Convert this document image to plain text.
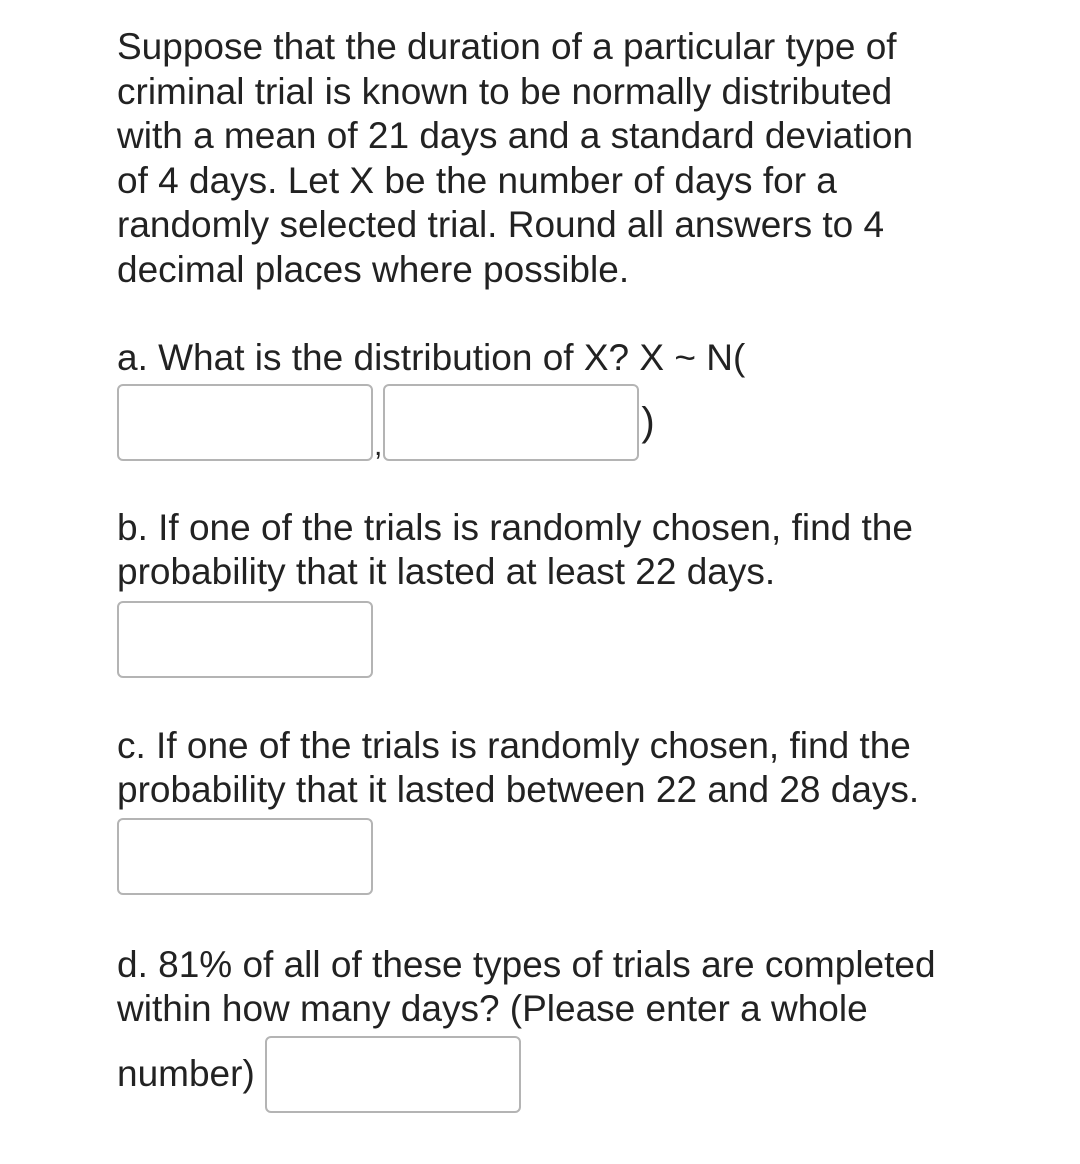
Suppose that the duration of a particular type of
criminal trial is known to be normally distributed
with a mean of 21 days and a standard deviation
of 4 days. Let X be the number of days for a
randomly selected trial. Round all answers to 4
decimal places where possible.

a. What is the distribution of X? X ~ N(

,
)

b. If one of the trials is randomly chosen, find the
probability that it lasted at least 22 days.

c. If one of the trials is randomly chosen, find the
probability that it lasted between 22 and 28 days.

d. 81% of all of these types of trials are completed
within how many days? (Please enter a whole

number)
